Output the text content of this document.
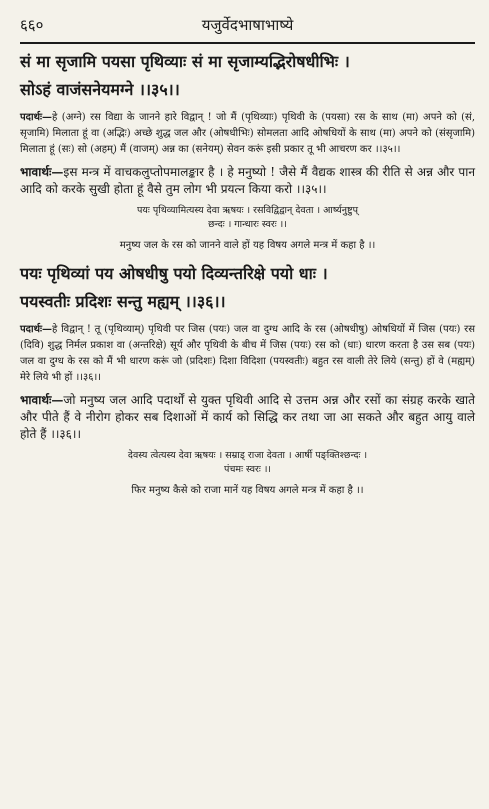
६६०	यजुर्वेदभाषाभाष्ये
सं मा सृजामि पयसा पृथिव्याः सं मा सृजाम्यद्भिरोषधीभिः ।
सोऽहं वाजंसनेयमग्ने ।।३५।।
पदार्थः—हे (अग्ने) रस विद्या के जानने हारे विद्वान् ! जो मैं (पृथिव्याः) पृथिवी के (पयसा) रस के साथ (मा) अपने को (सं, सृजामि) मिलाता हूं वा (अद्भिः) अच्छे शुद्ध जल और (ओषधीभिः) सोमलता आदि ओषधियों के साथ (मा) अपने को (संसृजामि) मिलाता हूं (सः) सो (अहम्) मैं (वाजम्) अन्न का (सनेयम्) सेवन करूं इसी प्रकार तू भी आचरण कर ।।३५।।
भावार्थः—इस मन्त्र में वाचकलुप्तोपमालङ्कार है । हे मनुष्यो ! जैसे मैं वैद्यक शास्त्र की रीति से अन्न और पान आदि को करके सुखी होता हूं वैसे तुम लोग भी प्रयत्न किया करो ।।३५।।
पयः पृथिव्यामित्यस्य देवा ऋषयः । रसविद्विद्वान् देवता । आर्ष्यनुष्टुप्
छन्दः । गान्धारः स्वरः ।।
मनुष्य जल के रस को जानने वाले हों यह विषय अगले मन्त्र में कहा है ।।
पयः पृथिव्यां पय ओषधीषु पयो दिव्यन्तरिक्षे पयो धाः ।
पयस्वतीः प्रदिशः सन्तु मह्यम् ।।३६।।
पदार्थः—हे विद्वान् ! तू (पृथिव्याम्) पृथिवी पर जिस (पयः) जल वा दुग्ध आदि के रस (ओषधीषु) ओषधियों में जिस (पयः) रस (दिवि) शुद्ध निर्मल प्रकाश वा (अन्तरिक्षे) सूर्य और पृथिवी के बीच में जिस (पयः) रस को (धाः) धारण करता है उस सब (पयः) जल वा दुग्ध के रस को मैं भी धारण करूं जो (प्रदिशः) दिशा विदिशा (पयस्वतीः) बहुत रस वाली तेरे लिये (सन्तु) हों वे (मह्यम्) मेरे लिये भी हों ।।३६।।
भावार्थः—जो मनुष्य जल आदि पदार्थों से युक्त पृथिवी आदि से उत्तम अन्न और रसों का संग्रह करके खाते और पीते हैं वे नीरोग होकर सब दिशाओं में कार्य को सिद्धि कर तथा जा आ सकते और बहुत आयु वाले होते हैं ।।३६।।
देवस्य त्वेत्यस्य देवा ऋषयः । सम्राड् राजा देवता । आर्षी पङ्क्तिश्छन्दः ।
पंचमः स्वरः ।।
फिर मनुष्य कैसे को राजा मानें यह विषय अगले मन्त्र में कहा है ।।
